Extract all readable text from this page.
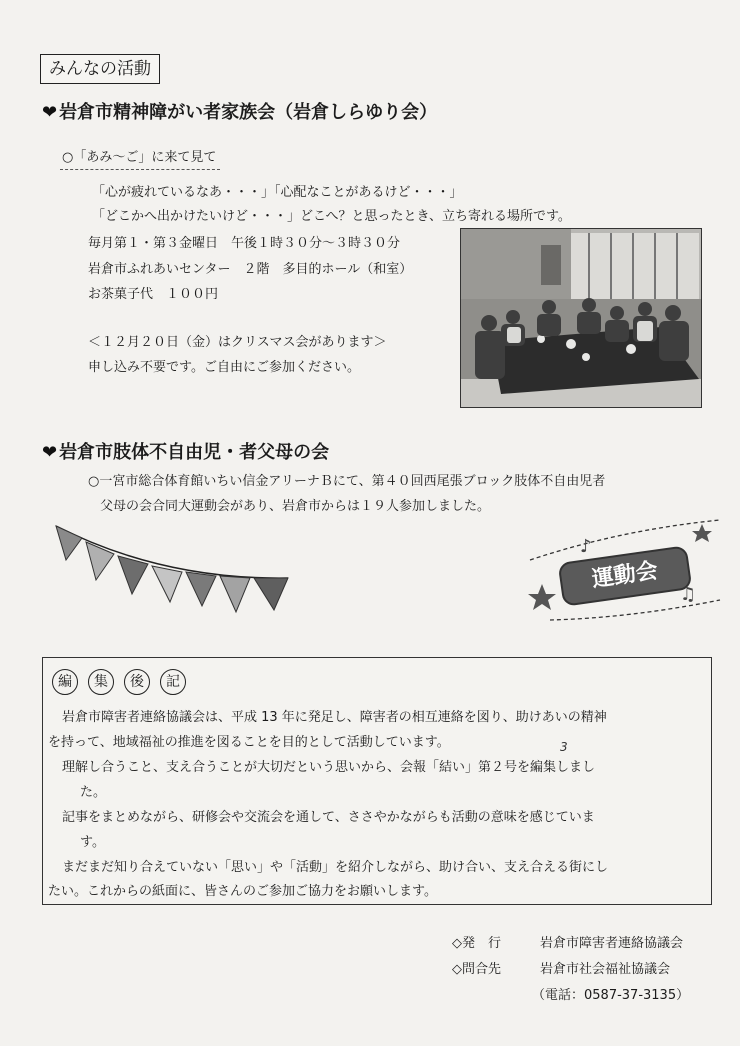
みんなの活動
❤ 岩倉市精神障がい者家族会（岩倉しらゆり会）
○「あみ〜ご」に来て見て
「心が疲れているなあ・・・」「心配なことがあるけど・・・」
「どこかへ出かけたいけど・・・」どこへ？と思ったとき、立ち寄れる場所です。
毎月第１・第３金曜日　午後１時３０分〜３時３０分
岩倉市ふれあいセンター　２階　多目的ホール（和室）
お茶菓子代　１００円
＜１２月２０日（金）はクリスマス会があります＞
申し込み不要です。ご自由にご参加ください。
❤ 岩倉市肢体不自由児・者父母の会
○一宮市総合体育館いちい信金アリーナＢにて、第４０回西尾張ブロック肢体不自由児者
父母の会合同大運動会があり、岩倉市からは１９人参加しました。
♪
♫
運動会
編 集 後 記
岩倉市障害者連絡協議会は、平成 13 年に発足し、障害者の相互連絡を図り、助けあいの精神
を持って、地域福祉の推進を図ることを目的として活動しています。
理解し合うこと、支え合うことが大切だという思いから、会報「結い」第２号を編集しまし
3
た。
記事をまとめながら、研修会や交流会を通して、ささやかながらも活動の意味を感じていま
す。
まだまだ知り合えていない「思い」や「活動」を紹介しながら、助け合い、支え合える街にし
たい。これからの紙面に、皆さんのご参加ご協力をお願いします。
◇発　行	岩倉市障害者連絡協議会
◇問合先	岩倉市社会福祉協議会
（電話：0587-37-3135）
